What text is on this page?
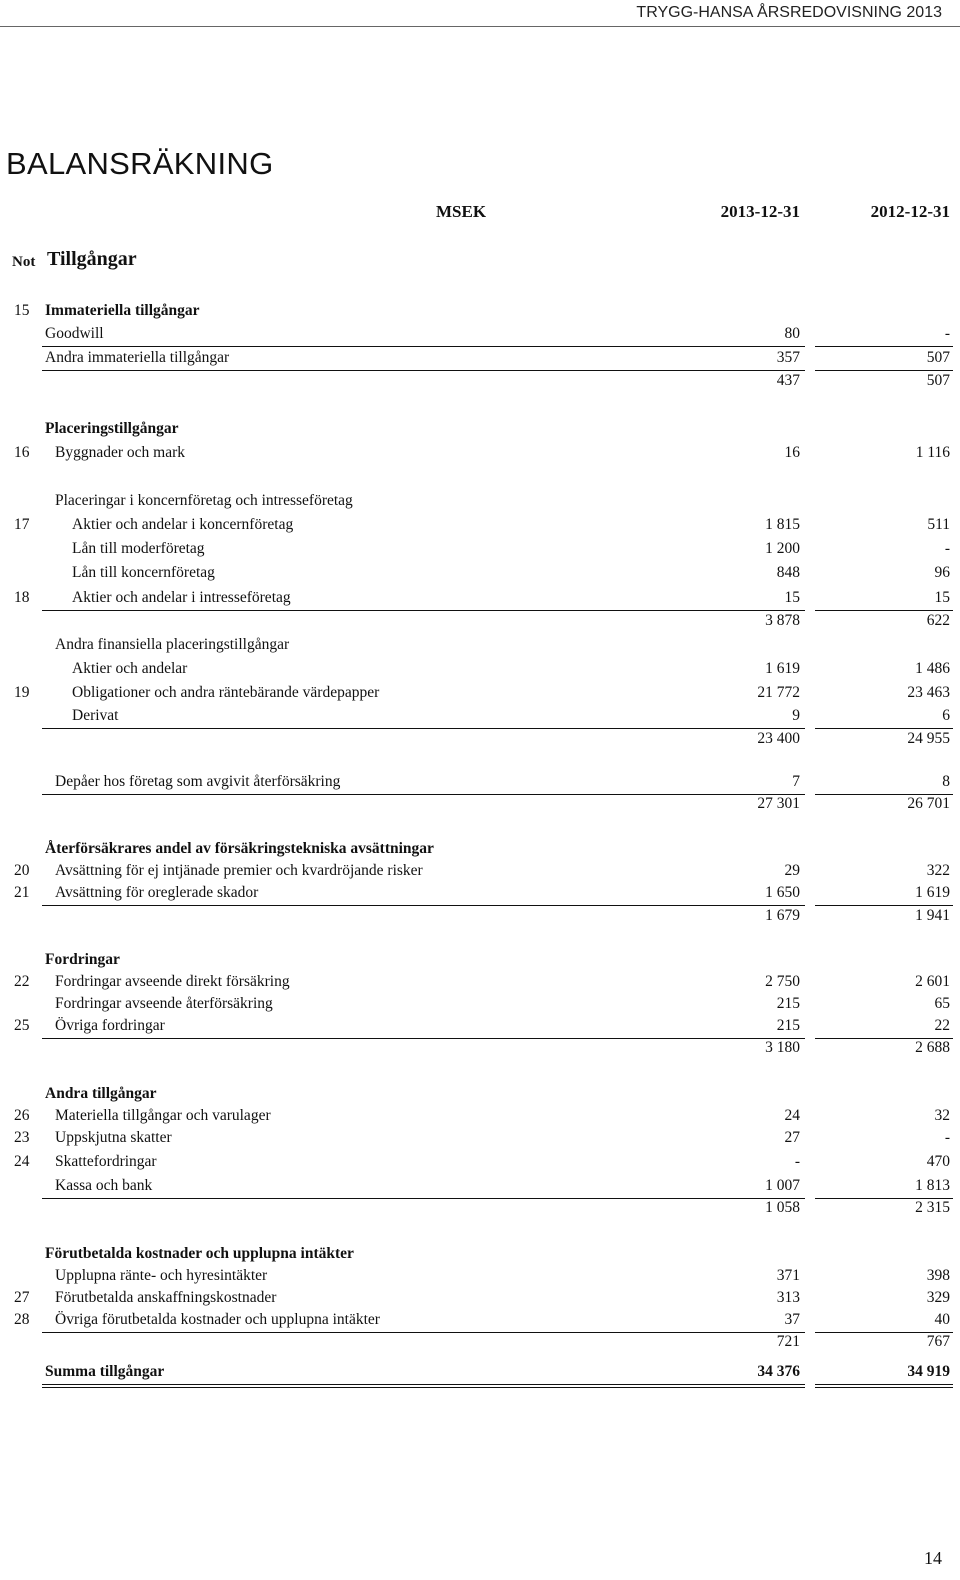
TRYGG-HANSA ÅRSREDOVISNING 2013
BALANSRÄKNING
MSEK	2013-12-31	2012-12-31
Not Tillgångar
15	Immateriella tillgångar
Goodwill	80	-
Andra immateriella tillgångar	357	507
437	507
Placeringstillgångar
16	Byggnader och mark	16	1 116
Placeringar i koncernföretag och intresseföretag
17	Aktier och andelar i koncernföretag	1 815	511
Lån till moderföretag	1 200	-
Lån till koncernföretag	848	96
18	Aktier och andelar i intresseföretag	15	15
3 878	622
Andra finansiella placeringstillgångar
Aktier och andelar	1 619	1 486
19	Obligationer och andra räntebärande värdepapper	21 772	23 463
Derivat	9	6
23 400	24 955
Depåer hos företag som avgivit återförsäkring	7	8
27 301	26 701
Återförsäkrares andel av försäkringstekniska avsättningar
20	Avsättning för ej intjänade premier och kvardröjande risker	29	322
21	Avsättning för oreglerade skador	1 650	1 619
1 679	1 941
Fordringar
22	Fordringar avseende direkt försäkring	2 750	2 601
Fordringar avseende återförsäkring	215	65
25	Övriga fordringar	215	22
3 180	2 688
Andra tillgångar
26	Materiella tillgångar och varulager	24	32
23	Uppskjutna skatter	27	-
24	Skattefordringar	-	470
Kassa och bank	1 007	1 813
1 058	2 315
Förutbetalda kostnader och upplupna intäkter
Upplupna ränte- och hyresintäkter	371	398
27	Förutbetalda anskaffningskostnader	313	329
28	Övriga förutbetalda kostnader och upplupna intäkter	37	40
721	767
Summa tillgångar	34 376	34 919
14
